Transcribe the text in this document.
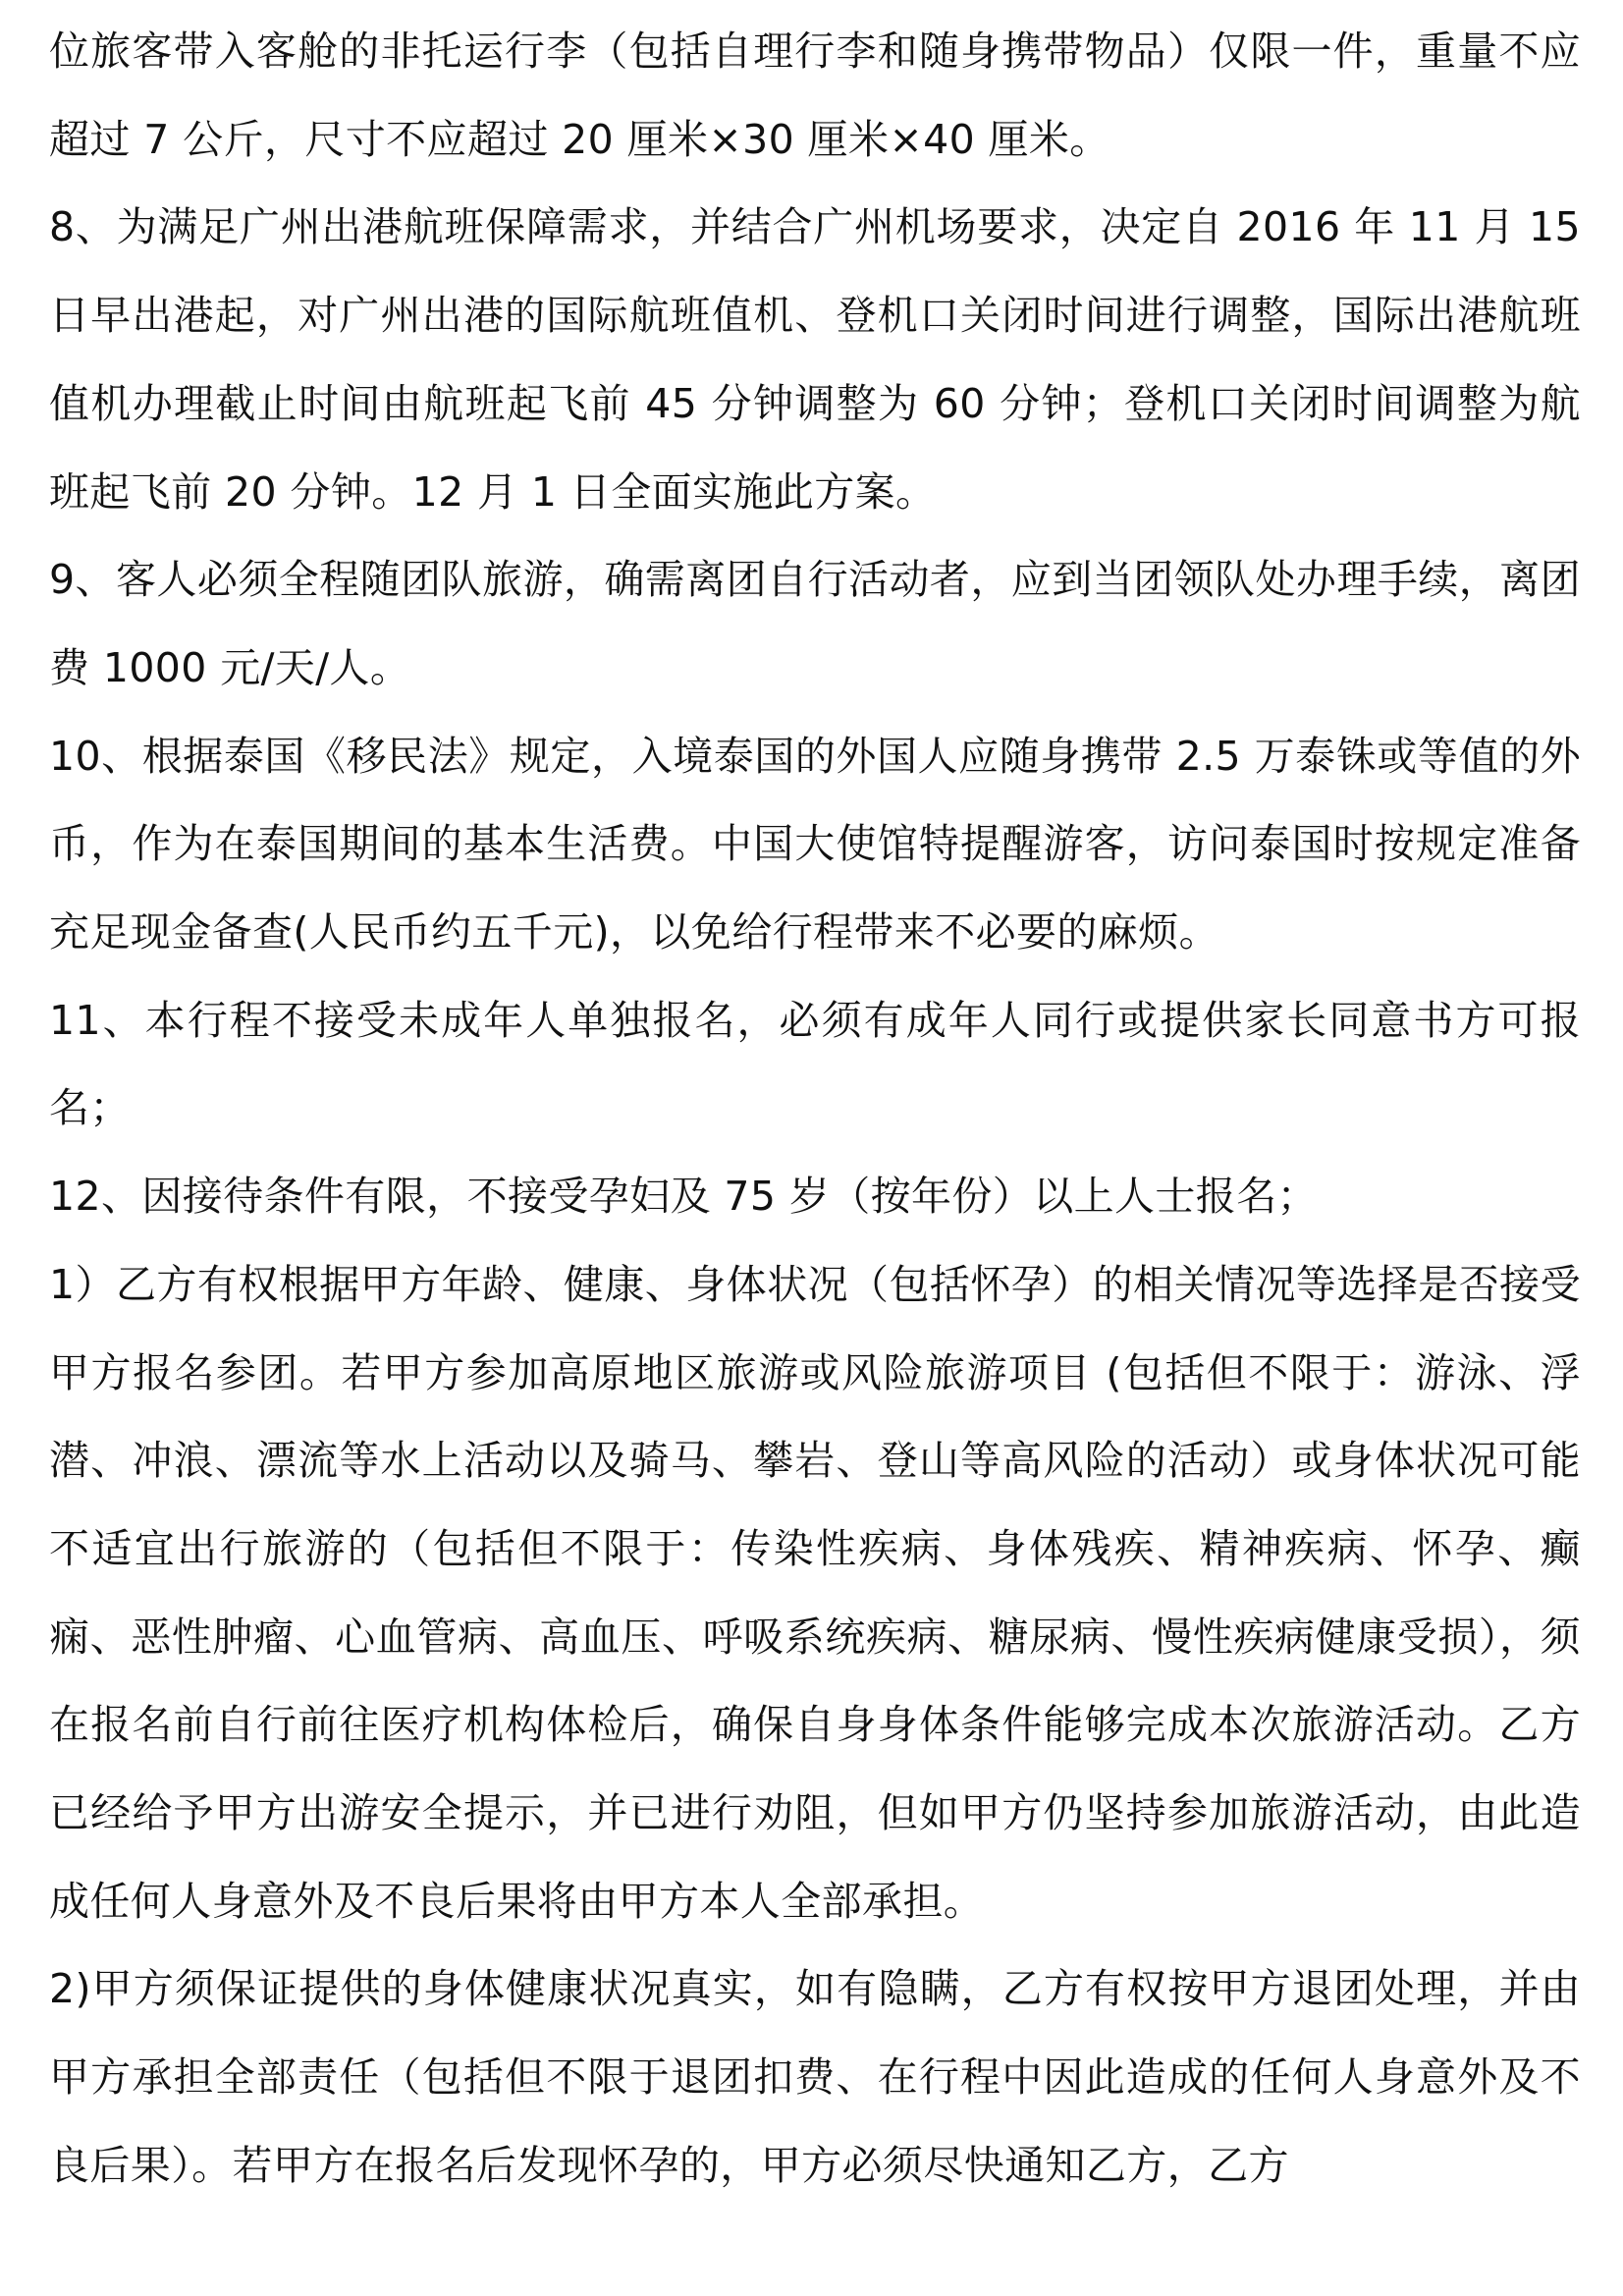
位旅客带入客舱的非托运行李（包括自理行李和随身携带物品）仅限一件，重量不应超过 7 公斤，尺寸不应超过 20 厘米×30 厘米×40 厘米。

8、为满足广州出港航班保障需求，并结合广州机场要求，决定自 2016 年 11 月 15 日早出港起，对广州出港的国际航班值机、登机口关闭时间进行调整，国际出港航班值机办理截止时间由航班起飞前 45 分钟调整为 60 分钟；登机口关闭时间调整为航班起飞前 20 分钟。12 月 1 日全面实施此方案。

9、客人必须全程随团队旅游，确需离团自行活动者，应到当团领队处办理手续，离团费 1000 元/天/人。

10、根据泰国《移民法》规定，入境泰国的外国人应随身携带 2.5 万泰铢或等值的外币，作为在泰国期间的基本生活费。中国大使馆特提醒游客，访问泰国时按规定准备充足现金备查(人民币约五千元)，以免给行程带来不必要的麻烦。

11、本行程不接受未成年人单独报名，必须有成年人同行或提供家长同意书方可报名；

12、因接待条件有限，不接受孕妇及 75 岁（按年份）以上人士报名；

1）乙方有权根据甲方年龄、健康、身体状况（包括怀孕）的相关情况等选择是否接受甲方报名参团。若甲方参加高原地区旅游或风险旅游项目 (包括但不限于：游泳、浮潜、冲浪、漂流等水上活动以及骑马、攀岩、登山等高风险的活动）或身体状况可能不适宜出行旅游的（包括但不限于：传染性疾病、身体残疾、精神疾病、怀孕、癫痫、恶性肿瘤、心血管病、高血压、呼吸系统疾病、糖尿病、慢性疾病健康受损），须在报名前自行前往医疗机构体检后，确保自身身体条件能够完成本次旅游活动。乙方已经给予甲方出游安全提示，并已进行劝阻，但如甲方仍坚持参加旅游活动，由此造成任何人身意外及不良后果将由甲方本人全部承担。

2)甲方须保证提供的身体健康状况真实，如有隐瞒，乙方有权按甲方退团处理，并由甲方承担全部责任（包括但不限于退团扣费、在行程中因此造成的任何人身意外及不良后果）。若甲方在报名后发现怀孕的，甲方必须尽快通知乙方，乙方
